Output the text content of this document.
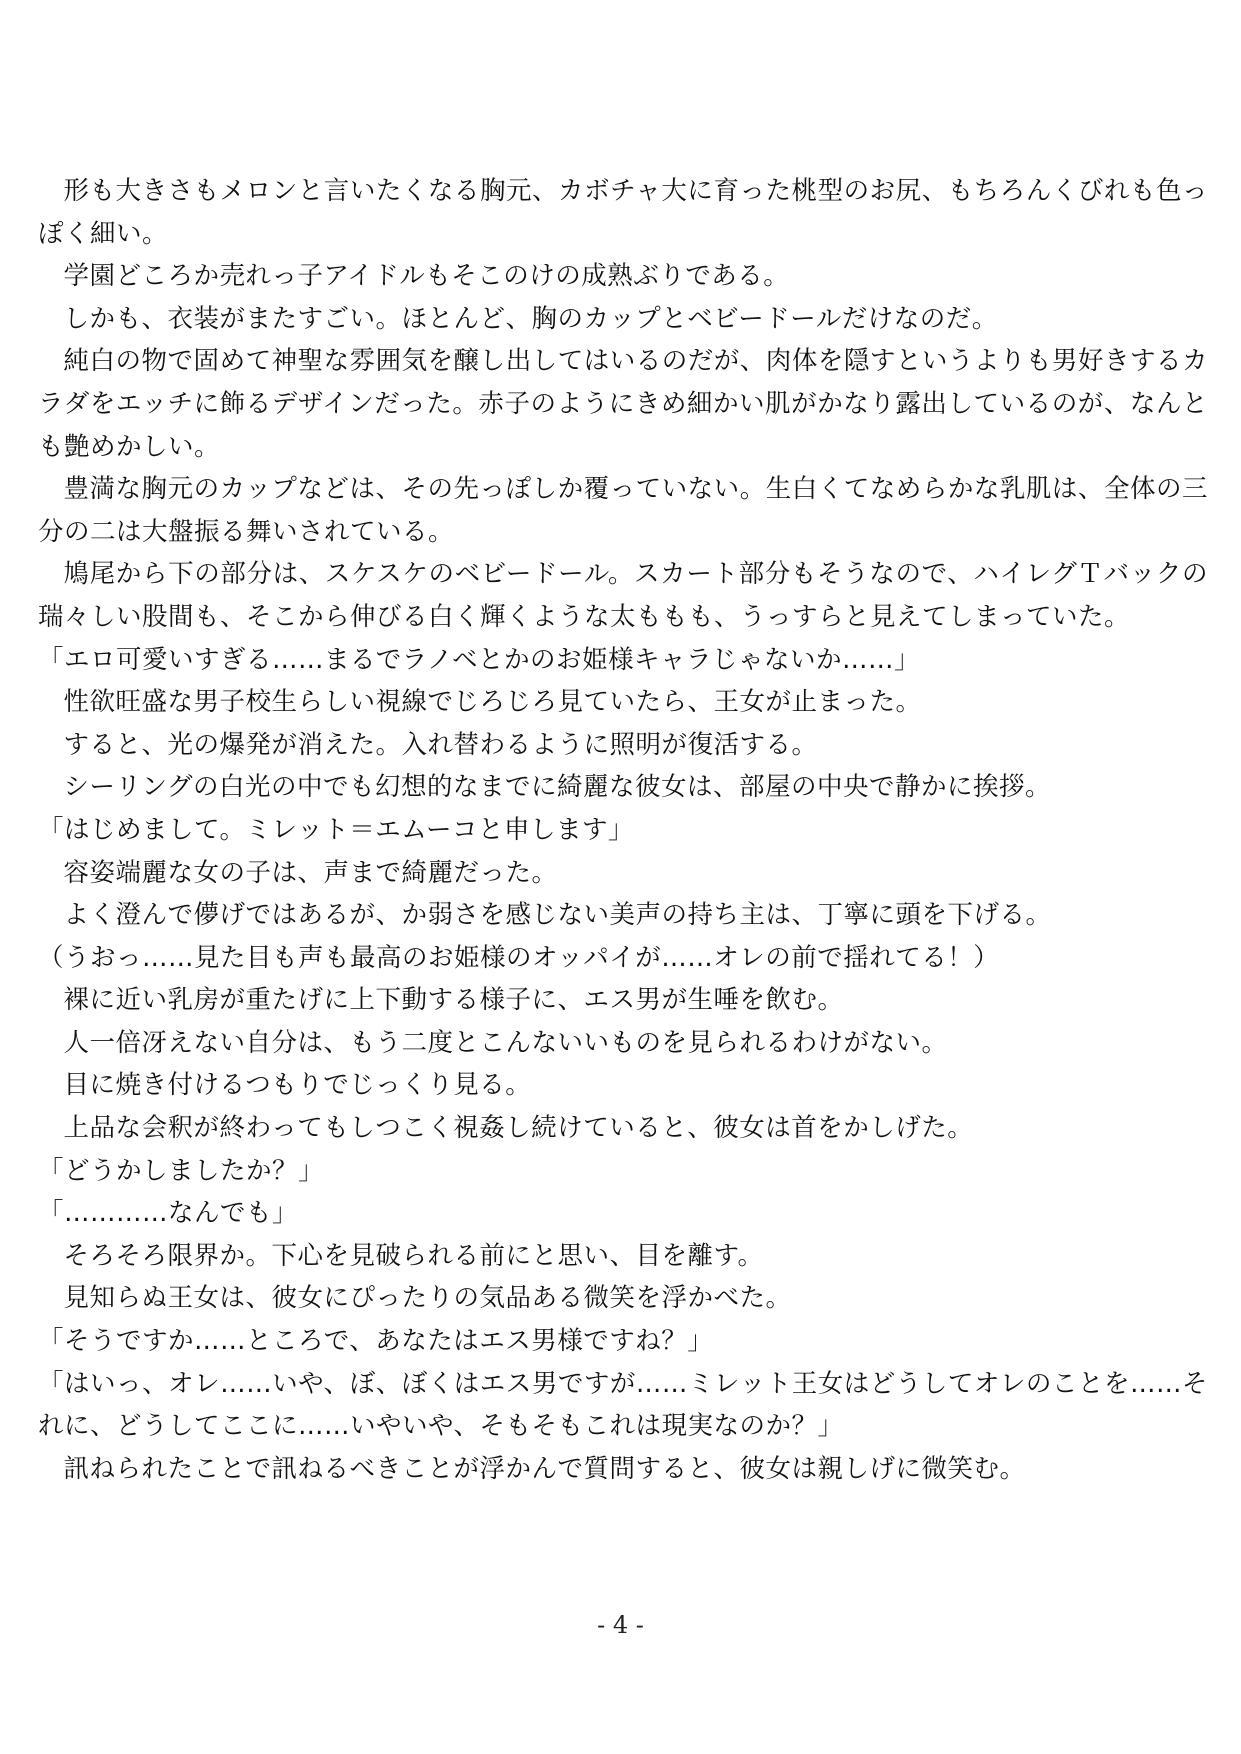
形も大きさもメロンと言いたくなる胸元、カボチャ大に育った桃型のお尻、もちろんくびれも色っぽく細い。

学園どころか売れっ子アイドルもそこのけの成熟ぶりである。

しかも、衣装がまたすごい。ほとんど、胸のカップとベビードールだけなのだ。

純白の物で固めて神聖な雰囲気を醸し出してはいるのだが、肉体を隠すというよりも男好きするカラダをエッチに飾るデザインだった。赤子のようにきめ細かい肌がかなり露出しているのが、なんとも艶めかしい。

豊満な胸元のカップなどは、その先っぽしか覆っていない。生白くてなめらかな乳肌は、全体の三分の二は大盤振る舞いされている。

鳩尾から下の部分は、スケスケのベビードール。スカート部分もそうなので、ハイレグＴバックの瑞々しい股間も、そこから伸びる白く輝くような太ももも、うっすらと見えてしまっていた。

「エロ可愛いすぎる……まるでラノベとかのお姫様キャラじゃないか……」

性欲旺盛な男子校生らしい視線でじろじろ見ていたら、王女が止まった。

すると、光の爆発が消えた。入れ替わるように照明が復活する。

シーリングの白光の中でも幻想的なまでに綺麗な彼女は、部屋の中央で静かに挨拶。

「はじめまして。ミレット＝エムーコと申します」

容姿端麗な女の子は、声まで綺麗だった。

よく澄んで儚げではあるが、か弱さを感じない美声の持ち主は、丁寧に頭を下げる。

（うおっ……見た目も声も最高のお姫様のオッパイが……オレの前で揺れてる！）

裸に近い乳房が重たげに上下動する様子に、エス男が生唾を飲む。

人一倍冴えない自分は、もう二度とこんないいものを見られるわけがない。

目に焼き付けるつもりでじっくり見る。

上品な会釈が終わってもしつこく視姦し続けていると、彼女は首をかしげた。

「どうかしましたか？」

「…………なんでも」

そろそろ限界か。下心を見破られる前にと思い、目を離す。

見知らぬ王女は、彼女にぴったりの気品ある微笑を浮かべた。

「そうですか……ところで、あなたはエス男様ですね？」

「はいっ、オレ……いや、ぼ、ぼくはエス男ですが……ミレット王女はどうしてオレのことを……それに、どうしてここに……いやいや、そもそもこれは現実なのか？」

訊ねられたことで訊ねるべきことが浮かんで質問すると、彼女は親しげに微笑む。

- 4 -
